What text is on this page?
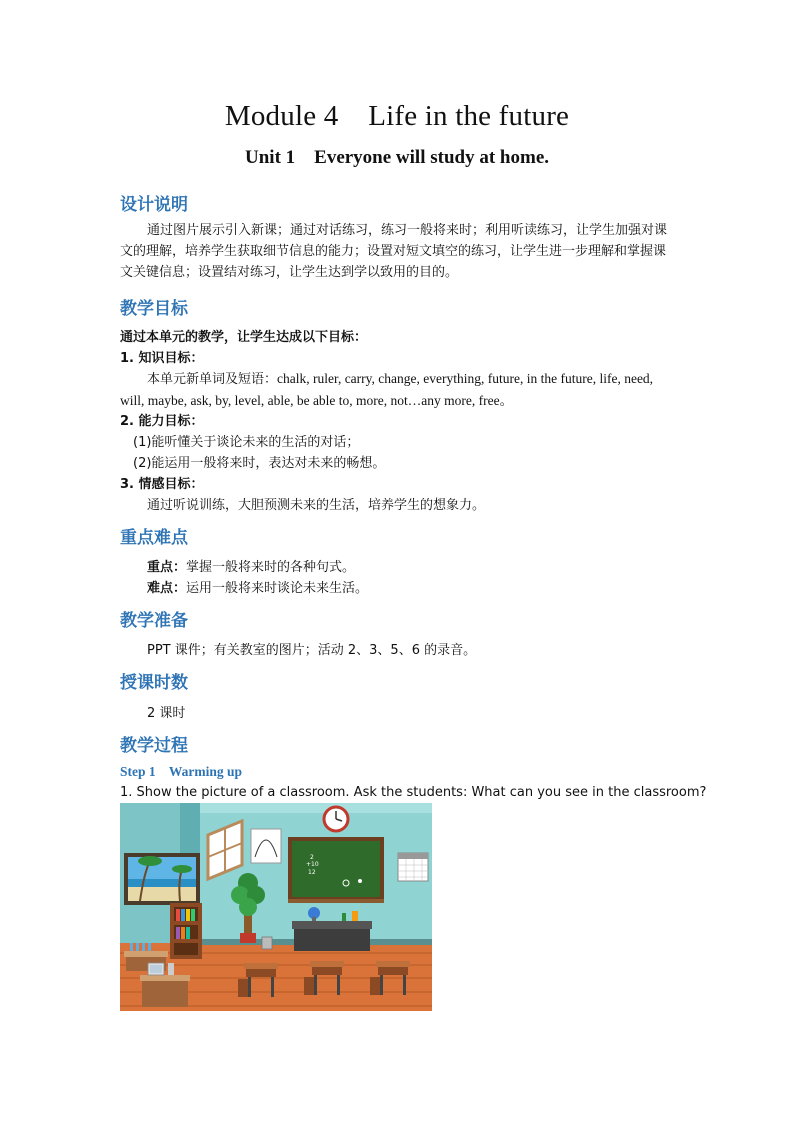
Module 4    Life in the future
Unit 1    Everyone will study at home.
设计说明
通过图片展示引入新课；通过对话练习，练习一般将来时；利用听读练习，让学生加强对课文的理解，培养学生获取细节信息的能力；设置对短文填空的练习，让学生进一步理解和掌握课文关键信息；设置结对练习，让学生达到学以致用的目的。
教学目标
通过本单元的教学，让学生达成以下目标：
1. 知识目标：
本单元新单词及短语：chalk, ruler, carry, change, everything, future, in the future, life, need, will, maybe, ask, by, level, able, be able to, more, not…any more, free。
2. 能力目标：
(1)能听懂关于谈论未来的生活的对话；
(2)能运用一般将来时，表达对未来的畅想。
3. 情感目标：
通过听说训练，大胆预测未来的生活，培养学生的想象力。
重点难点
重点：掌握一般将来时的各种句式。
难点：运用一般将来时谈论未来生活。
教学准备
PPT 课件；有关教室的图片；活动 2、3、5、6 的录音。
授课时数
2 课时
教学过程
Step 1    Warming up
1. Show the picture of a classroom. Ask the students: What can you see in the classroom?
2
+10
12
